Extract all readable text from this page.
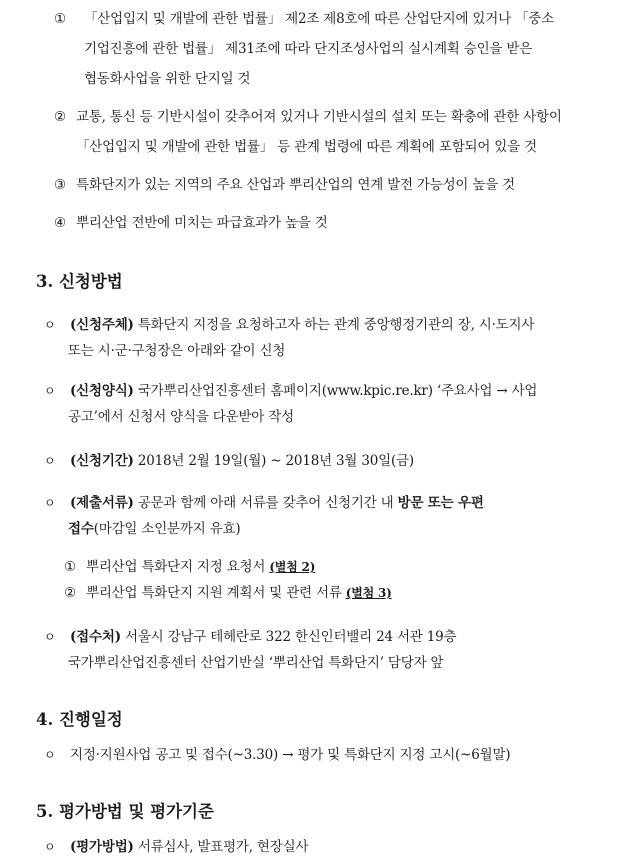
① 「산업입지 및 개발에 관한 법률」 제2조 제8호에 따른 산업단지에 있거나 「중소
기업진흥에 관한 법률」 제31조에 따라 단지조성사업의 실시계획 승인을 받은
협동화사업을 위한 단지일 것
② 교통, 통신 등 기반시설이 갖추어져 있거나 기반시설의 설치 또는 확충에 관한 사항이
「산업입지 및 개발에 관한 법률」 등 관계 법령에 따른 계획에 포함되어 있을 것
③ 특화단지가 있는 지역의 주요 산업과 뿌리산업의 연계 발전 가능성이 높을 것
④ 뿌리산업 전반에 미치는 파급효과가 높을 것
3. 신청방법
ㅇ (신청주체) 특화단지 지정을 요청하고자 하는 관계 중앙행정기관의 장, 시·도지사
또는 시·군·구청장은 아래와 같이 신청
ㅇ (신청양식) 국가뿌리산업진흥센터 홈페이지(www.kpic.re.kr) ‘주요사업 → 사업
공고’에서 신청서 양식을 다운받아 작성
ㅇ (신청기간) 2018년 2월 19일(월) ~ 2018년 3월 30일(금)
ㅇ (제출서류) 공문과 함께 아래 서류를 갖추어 신청기간 내 방문 또는 우편
접수(마감일 소인분까지 유효)
① 뿌리산업 특화단지 지정 요청서 (별첨 2)
② 뿌리산업 특화단지 지원 계획서 및 관련 서류 (별첨 3)
ㅇ (접수처) 서울시 강남구 테헤란로 322 한신인터밸리 24 서관 19층
국가뿌리산업진흥센터 산업기반실 ‘뿌리산업 특화단지’ 담당자 앞
4. 진행일정
ㅇ 지정·지원사업 공고 및 접수(~3.30) → 평가 및 특화단지 지정 고시(~6월말)
5. 평가방법 및 평가기준
ㅇ (평가방법) 서류심사, 발표평가, 현장실사
